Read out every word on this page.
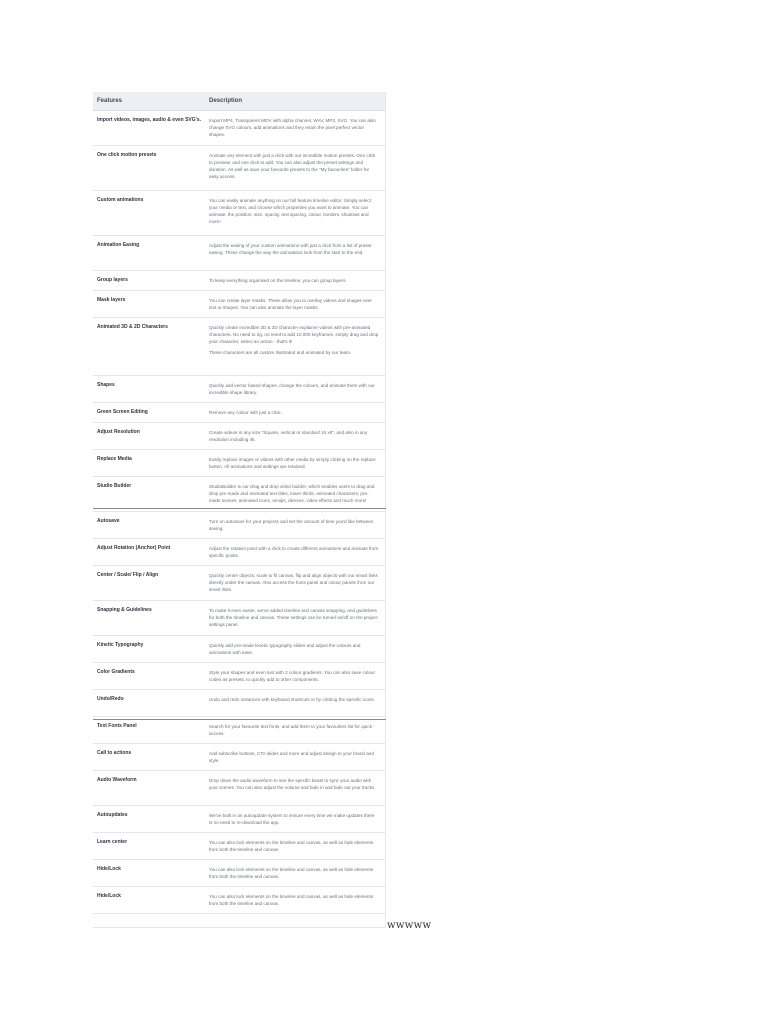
Features	Description
Import videos, images, audio & even SVG's.	Import MP4, Transparent MOV with alpha channel, WAV, MP3, SVG. You can also change SVG colours, add animations and they retain the pixel perfect vector shapes.
One click motion presets	Animate any element with just a click with our incredible motion presets. One click to preview, and one click to add. You can also adjust the preset settings and duration. As well as save your favourite presets to the "My favourites" folder for easy access.
Custom animations	You can easily animate anything on our full feature timeline editor. Simply select your media or text, and choose which properties you want to animate. You can animate, the position, size, opacity, text spacing, colour, borders, shadows and more!
Animation Easing	Adjust the easing of your custom animations with just a click from a list of preset easing. These change the way the animations look from the start to the end.
Group layers	To keep everything organised on the timeline, you can group layers.
Mask layers	You can create layer masks. These allow you to overlay videos and images over text or shapes. You can also animate the layer masks.
Animated 3D & 2D Characters	Quickly create incredible 2D & 3D character explainer videos with pre-animated characters. No need to rig, no need to add 10,000 keyframes, simply drag and drop your character, select an action - that's it!
These characters are all custom illustrated and animated by our team.
Shapes	Quickly add vector based shapes, change the colours, and animate them with our incredible shape library.
Green Screen Editing	Remove any colour with just a click.
Adjust Resolution	Create videos in any size "Square, vertical or standard 16 x9", and also in any resolution including 4k.
Replace Media	Easily replace images or videos with other media by simply clicking on the replace button. All animations and settings are retained.
Studio Builder	StudioBuilder is our drag and drop video builder, which enables users to drag and drop pre-made and animated text titles, lower thirds, animated characters, pre-made scenes, animated icons, emojis, devices, video effects and much more!
Autosave	Turn on autosave for your projects and set the amount of time you'd like between saving.
Adjust Rotation (Anchor) Point	Adjust the rotation point with a click to create different animations and animate from specific points.
Center / Scale/ Flip / Align	Quickly center objects, scale to fit canvas, flip and align objects with our smart links directly under the canvas. Also access the fonts panel and colour panels from our smart links.
Snapping & Guidelines	To make it even easier, we've added timeline and canvas snapping, and guidelines for both the timeline and canvas. These settings can be turned on/off on the project settings panel.
Kinetic Typography	Quickly add pre-made kinetic typography slides and adjust the colours and animations with ease.
Color Gradients	Style your shapes and even text with 2 colour gradients. You can also save colour codes as presets, to quickly add to other components.
Undo/Redo	Undo and redo instances with keyboard shortcuts or by clicking the specific icons.
Text Fonts Panel	Search for your favourite text fonts, and add them to your favourites list for quick access.
Call to actions	Add subscribe buttons, CTA slides and more and adjust design to your brand and style.
Audio Waveform	Drop down the audio waveform to see the specific beats to sync your audio with your scenes. You can also adjust the volume and fade in and fade out your tracks.
Autoupdates	We've built in an autoupdate system to ensure every time we make updates there is no need to re-download the app.
Learn center	You can also lock elements on the timeline and canvas, as well as hide elements from both the timeline and canvas.
Hide/Lock	You can also lock elements on the timeline and canvas, as well as hide elements from both the timeline and canvas.
Hide/Lock	You can also lock elements on the timeline and canvas, as well as hide elements from both the timeline and canvas.
wwwww
